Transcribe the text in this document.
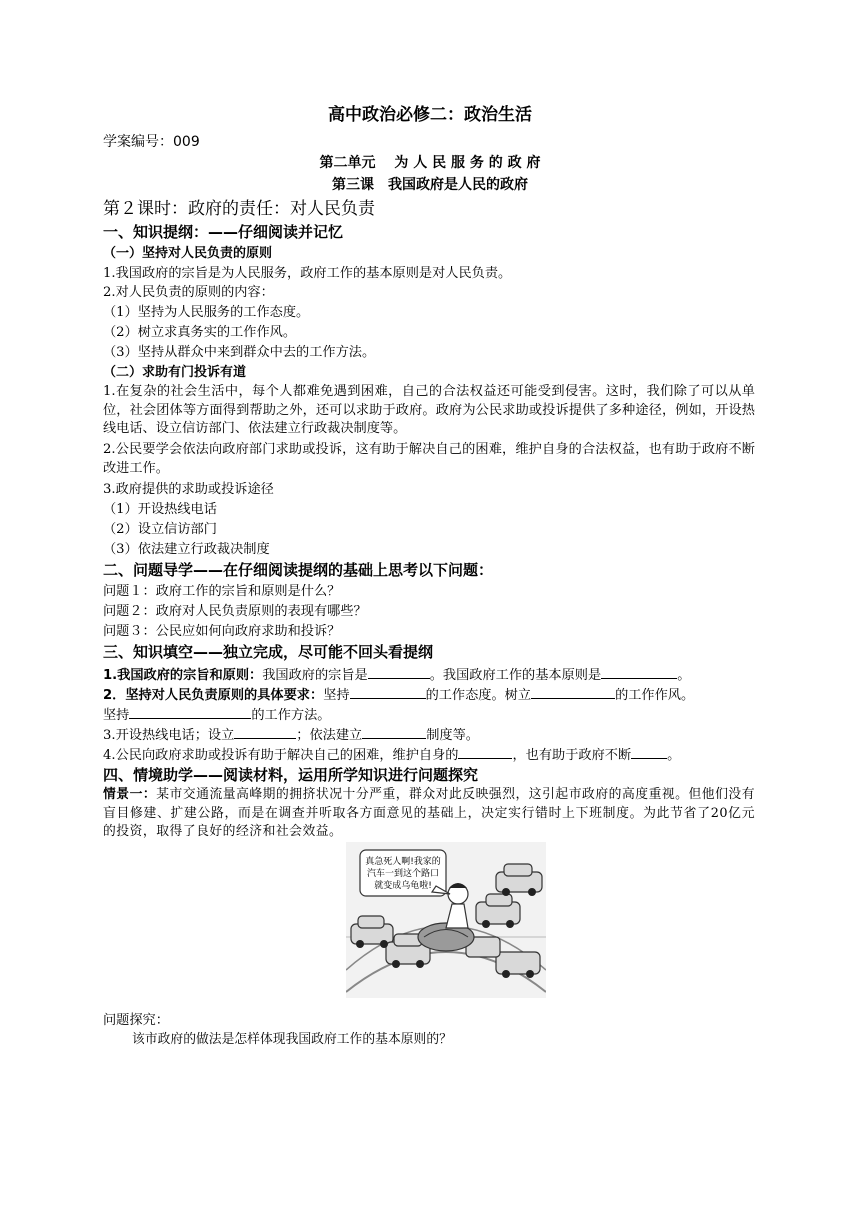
高中政治必修二：政治生活
学案编号：009
第二单元　 为 人 民 服 务 的 政 府
第三课　我国政府是人民的政府
第２课时：政府的责任：对人民负责
一、知识提纲：——仔细阅读并记忆
（一）坚持对人民负责的原则
1.我国政府的宗旨是为人民服务，政府工作的基本原则是对人民负责。
2.对人民负责的原则的内容：
（1）坚持为人民服务的工作态度。
（2）树立求真务实的工作作风。
（3）坚持从群众中来到群众中去的工作方法。
（二）求助有门投诉有道
1.在复杂的社会生活中，每个人都难免遇到困难，自己的合法权益还可能受到侵害。这时，我们除了可以从单位，社会团体等方面得到帮助之外，还可以求助于政府。政府为公民求助或投诉提供了多种途径，例如，开设热线电话、设立信访部门、依法建立行政裁决制度等。
2.公民要学会依法向政府部门求助或投诉，这有助于解决自己的困难，维护自身的合法权益，也有助于政府不断改进工作。
3.政府提供的求助或投诉途径
（1）开设热线电话
（2）设立信访部门
（3）依法建立行政裁决制度
二、问题导学——在仔细阅读提纲的基础上思考以下问题：
问题１：政府工作的宗旨和原则是什么？
问题２：政府对人民负责原则的表现有哪些？
问题３：公民应如何向政府求助和投诉？
三、知识填空——独立完成，尽可能不回头看提纲
1.我国政府的宗旨和原则：我国政府的宗旨是	。我国政府工作的基本原则是	。
2．坚持对人民负责原则的具体要求：坚持	的工作态度。树立	的工作作风。
坚持	的工作方法。
3.开设热线电话；设立	；依法建立	制度等。
4.公民向政府求助或投诉有助于解决自己的困难，维护自身的	，也有助于政府不断	。
四、情境助学——阅读材料，运用所学知识进行问题探究
情景一：某市交通流量高峰期的拥挤状况十分严重，群众对此反映强烈，这引起市政府的高度重视。但他们没有盲目修建、扩建公路，而是在调查并听取各方面意见的基础上，决定实行错时上下班制度。为此节省了20亿元的投资，取得了良好的经济和社会效益。
真急死人啊!我家的
汽车一到这个路口
就变成乌龟啦!
问题探究：
该市政府的做法是怎样体现我国政府工作的基本原则的？
